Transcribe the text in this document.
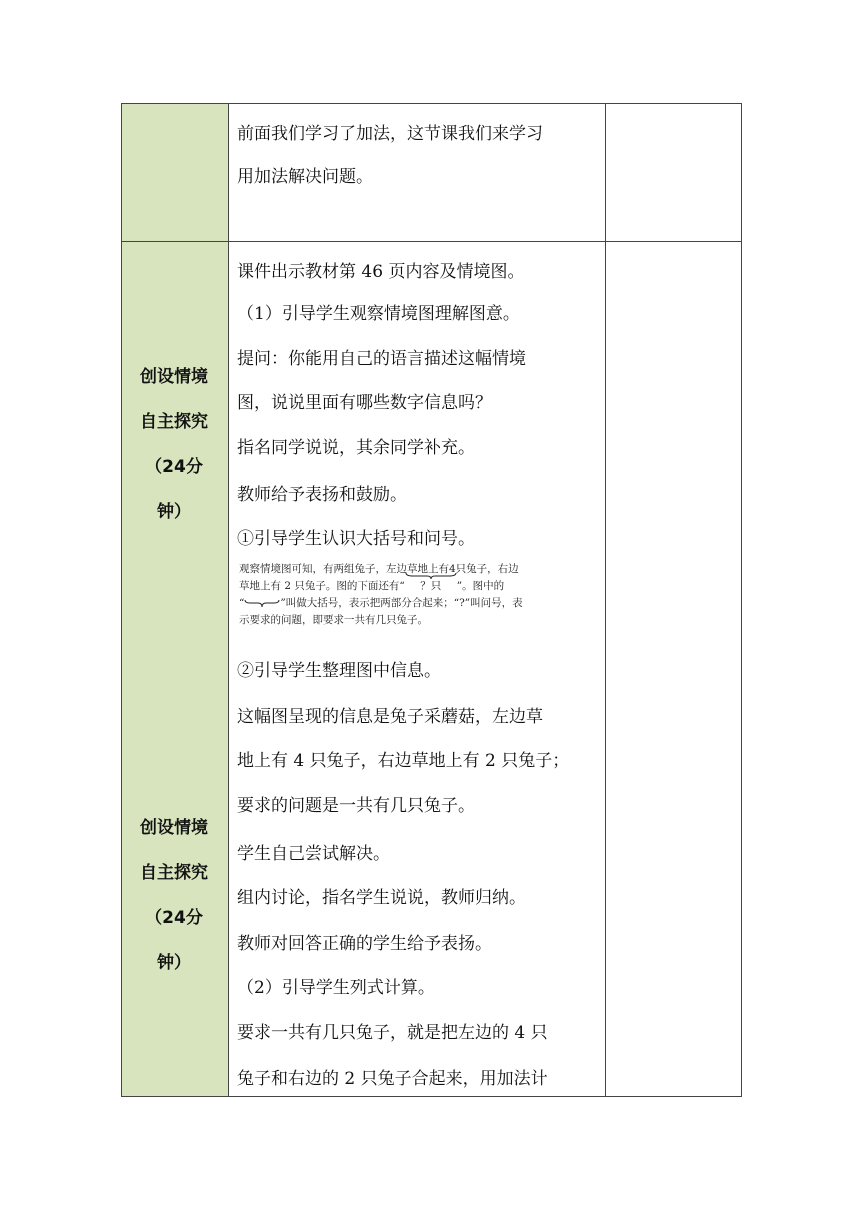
前面我们学习了加法，这节课我们来学习
用加法解决问题。
创设情境
自主探究
（24分
钟）
创设情境
自主探究
（24分
钟）
课件出示教材第 46 页内容及情境图。
（1）引导学生观察情境图理解图意。
提问：你能用自己的语言描述这幅情境
图，说说里面有哪些数字信息吗？
指名同学说说，其余同学补充。
教师给予表扬和鼓励。
①引导学生认识大括号和问号。
观察情境图可知，有两组兔子，左边草地上有4只兔子，右边
草地上有 2 只兔子。图的下面还有“ ？只 ”。图中的
“	”叫做大括号，表示把两部分合起来；“?”叫问号，表
示要求的问题，即要求一共有几只兔子。
②引导学生整理图中信息。
这幅图呈现的信息是兔子采蘑菇，左边草
地上有 4 只兔子，右边草地上有 2 只兔子；
要求的问题是一共有几只兔子。
学生自己尝试解决。
组内讨论，指名学生说说，教师归纳。
教师对回答正确的学生给予表扬。
（2）引导学生列式计算。
要求一共有几只兔子，就是把左边的 4 只
兔子和右边的 2 只兔子合起来，用加法计
